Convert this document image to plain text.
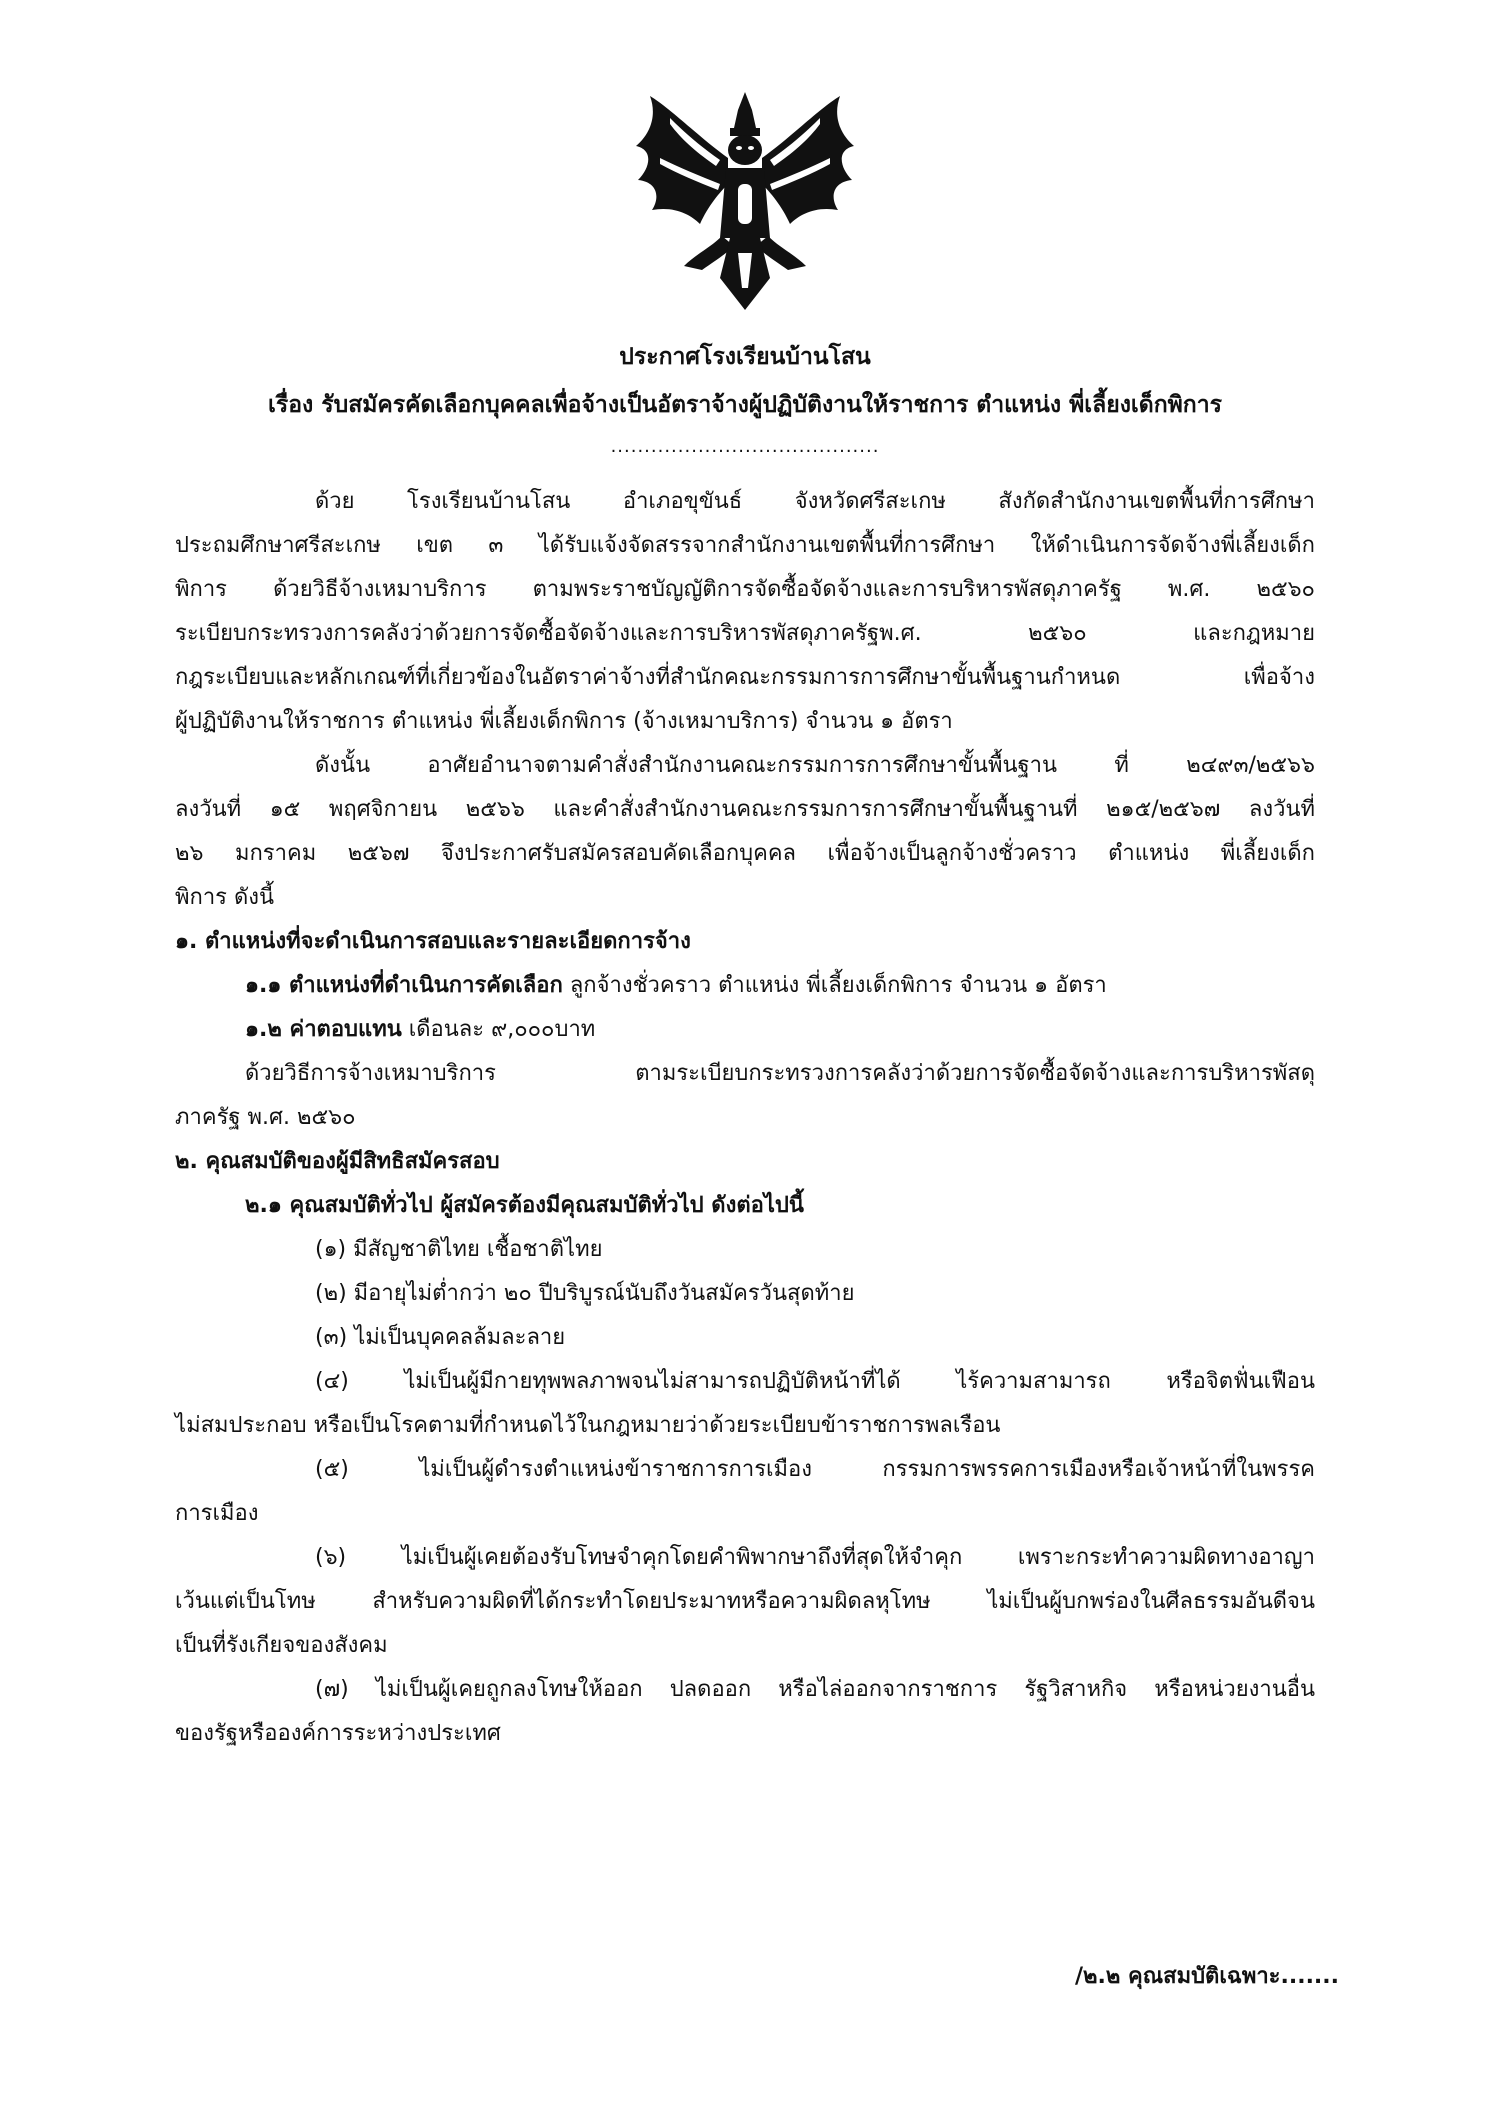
ประกาศโรงเรียนบ้านโสน
เรื่อง รับสมัครคัดเลือกบุคคลเพื่อจ้างเป็นอัตราจ้างผู้ปฏิบัติงานให้ราชการ ตำแหน่ง พี่เลี้ยงเด็กพิการ
........................................
ด้วย โรงเรียนบ้านโสน อำเภอขุขันธ์ จังหวัดศรีสะเกษ สังกัดสำนักงานเขตพื้นที่การศึกษา
ประถมศึกษาศรีสะเกษ เขต ๓ ได้รับแจ้งจัดสรรจากสำนักงานเขตพื้นที่การศึกษา ให้ดำเนินการจัดจ้างพี่เลี้ยงเด็ก
พิการ ด้วยวิธีจ้างเหมาบริการ ตามพระราชบัญญัติการจัดซื้อจัดจ้างและการบริหารพัสดุภาครัฐ พ.ศ. ๒๕๖๐
ระเบียบกระทรวงการคลังว่าด้วยการจัดซื้อจัดจ้างและการบริหารพัสดุภาครัฐพ.ศ. ๒๕๖๐ และกฎหมาย
กฎระเบียบและหลักเกณฑ์ที่เกี่ยวข้องในอัตราค่าจ้างที่สำนักคณะกรรมการการศึกษาขั้นพื้นฐานกำหนด เพื่อจ้าง
ผู้ปฏิบัติงานให้ราชการ ตำแหน่ง พี่เลี้ยงเด็กพิการ (จ้างเหมาบริการ) จำนวน ๑ อัตรา
ดังนั้น อาศัยอำนาจตามคำสั่งสำนักงานคณะกรรมการการศึกษาขั้นพื้นฐาน ที่ ๒๔๙๓/๒๕๖๖
ลงวันที่ ๑๕ พฤศจิกายน ๒๕๖๖ และคำสั่งสำนักงานคณะกรรมการการศึกษาขั้นพื้นฐานที่ ๒๑๕/๒๕๖๗ ลงวันที่
๒๖ มกราคม ๒๕๖๗ จึงประกาศรับสมัครสอบคัดเลือกบุคคล เพื่อจ้างเป็นลูกจ้างชั่วคราว ตำแหน่ง พี่เลี้ยงเด็ก
พิการ ดังนี้
๑. ตำแหน่งที่จะดำเนินการสอบและรายละเอียดการจ้าง
๑.๑ ตำแหน่งที่ดำเนินการคัดเลือก ลูกจ้างชั่วคราว ตำแหน่ง พี่เลี้ยงเด็กพิการ จำนวน ๑ อัตรา
๑.๒ ค่าตอบแทน เดือนละ ๙,๐๐๐บาท
ด้วยวิธีการจ้างเหมาบริการ ตามระเบียบกระทรวงการคลังว่าด้วยการจัดซื้อจัดจ้างและการบริหารพัสดุ
ภาครัฐ พ.ศ. ๒๕๖๐
๒. คุณสมบัติของผู้มีสิทธิสมัครสอบ
๒.๑ คุณสมบัติทั่วไป ผู้สมัครต้องมีคุณสมบัติทั่วไป ดังต่อไปนี้
(๑) มีสัญชาติไทย เชื้อชาติไทย
(๒) มีอายุไม่ต่ำกว่า ๒๐ ปีบริบูรณ์นับถึงวันสมัครวันสุดท้าย
(๓) ไม่เป็นบุคคลล้มละลาย
(๔) ไม่เป็นผู้มีกายทุพพลภาพจนไม่สามารถปฏิบัติหน้าที่ได้ ไร้ความสามารถ หรือจิตฟั่นเฟือน
ไม่สมประกอบ หรือเป็นโรคตามที่กำหนดไว้ในกฎหมายว่าด้วยระเบียบข้าราชการพลเรือน
(๕) ไม่เป็นผู้ดำรงตำแหน่งข้าราชการการเมือง กรรมการพรรคการเมืองหรือเจ้าหน้าที่ในพรรค
การเมือง
(๖) ไม่เป็นผู้เคยต้องรับโทษจำคุกโดยคำพิพากษาถึงที่สุดให้จำคุก เพราะกระทำความผิดทางอาญา
เว้นแต่เป็นโทษ สำหรับความผิดที่ได้กระทำโดยประมาทหรือความผิดลหุโทษ ไม่เป็นผู้บกพร่องในศีลธรรมอันดีจน
เป็นที่รังเกียจของสังคม
(๗) ไม่เป็นผู้เคยถูกลงโทษให้ออก ปลดออก หรือไล่ออกจากราชการ รัฐวิสาหกิจ หรือหน่วยงานอื่น
ของรัฐหรือองค์การระหว่างประเทศ
/๒.๒ คุณสมบัติเฉพาะ.......
